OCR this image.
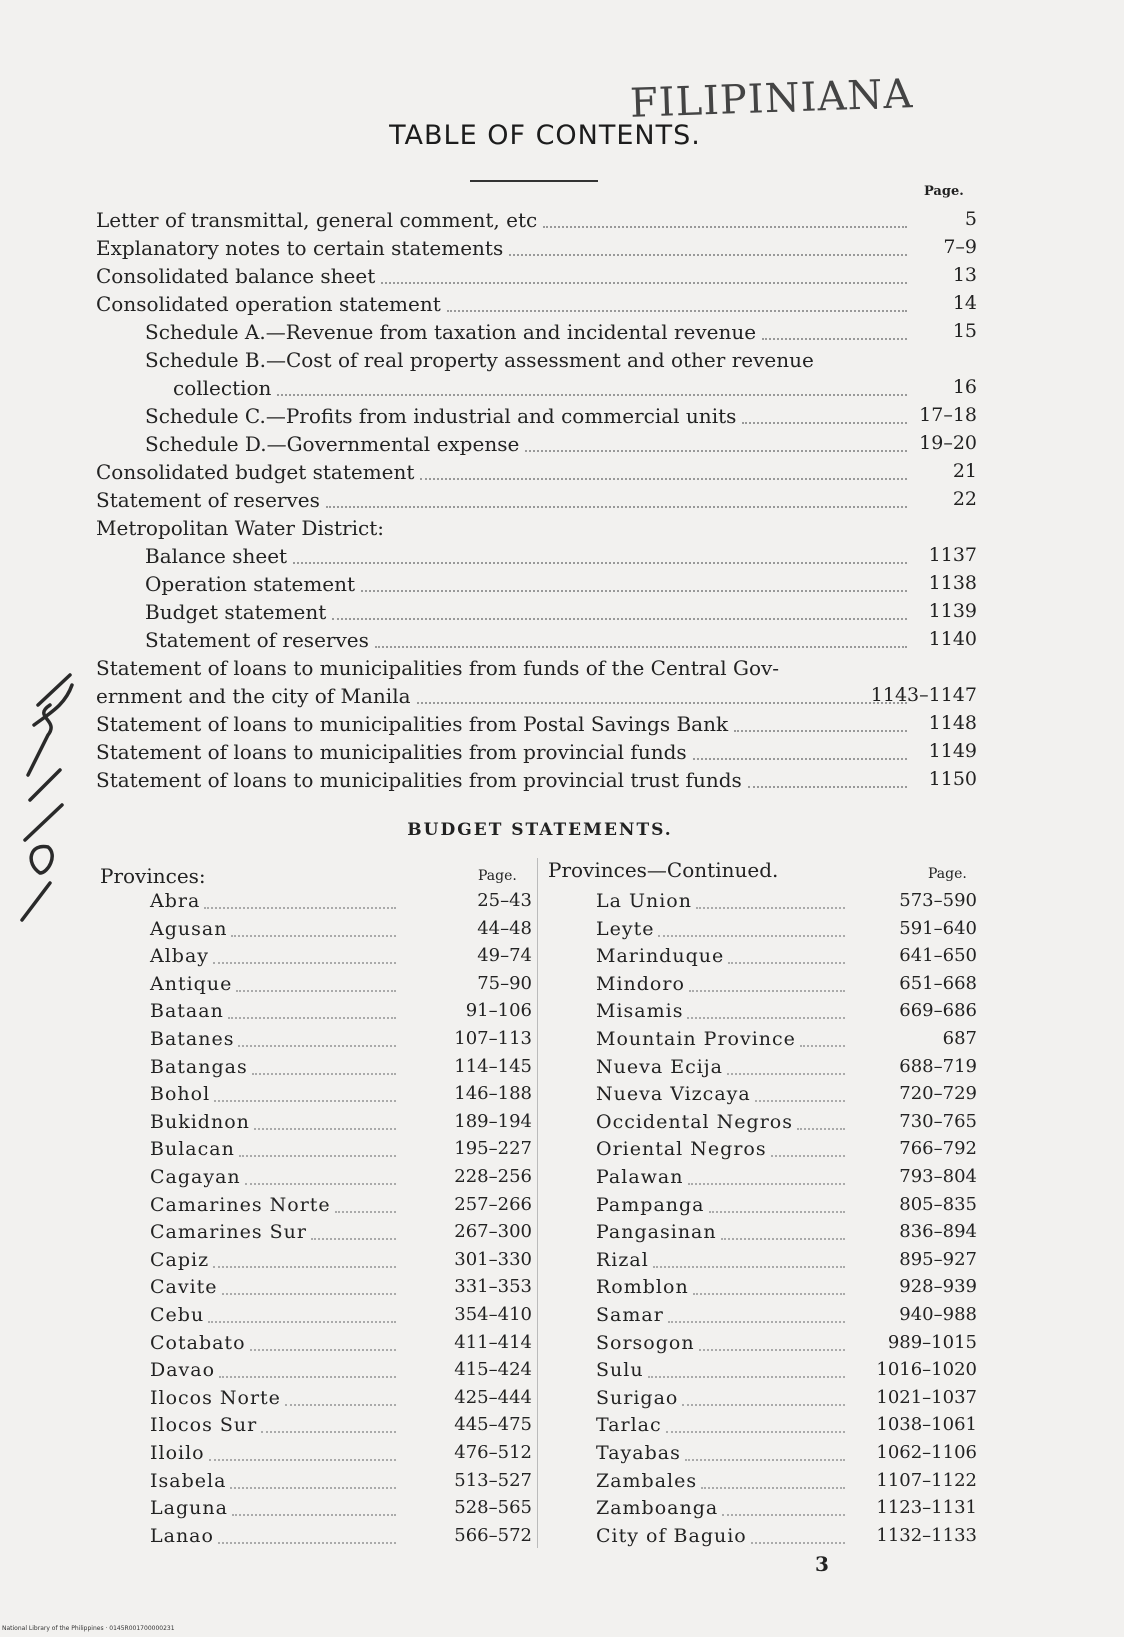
FILIPINIANA
TABLE OF CONTENTS.
Page.
Letter of transmittal, general comment, etc	5
Explanatory notes to certain statements	7–9
Consolidated balance sheet	13
Consolidated operation statement	14
Schedule A.—Revenue from taxation and incidental revenue	15
Schedule B.—Cost of real property assessment and other revenue
collection	16
Schedule C.—Profits from industrial and commercial units	17–18
Schedule D.—Governmental expense	19–20
Consolidated budget statement	21
Statement of reserves	22
Metropolitan Water District:
Balance sheet	1137
Operation statement	1138
Budget statement	1139
Statement of reserves	1140
Statement of loans to municipalities from funds of the Central Gov-
ernment and the city of Manila	1143–1147
Statement of loans to municipalities from Postal Savings Bank	1148
Statement of loans to municipalities from provincial funds	1149
Statement of loans to municipalities from provincial trust funds	1150
BUDGET STATEMENTS.
Provinces:	Page. Provinces—Continued.	Page.
Abra	25–43
Agusan	44–48
Albay	49–74
Antique	75–90
Bataan	91–106
Batanes	107–113
Batangas	114–145
Bohol	146–188
Bukidnon	189–194
Bulacan	195–227
Cagayan	228–256
Camarines Norte	257–266
Camarines Sur	267–300
Capiz	301–330
Cavite	331–353
Cebu	354–410
Cotabato	411–414
Davao	415–424
Ilocos Norte	425–444
Ilocos Sur	445–475
Iloilo	476–512
Isabela	513–527
Laguna	528–565
Lanao	566–572
La Union	573–590
Leyte	591–640
Marinduque	641–650
Mindoro	651–668
Misamis	669–686
Mountain Province	687
Nueva Ecija	688–719
Nueva Vizcaya	720–729
Occidental Negros	730–765
Oriental Negros	766–792
Palawan	793–804
Pampanga	805–835
Pangasinan	836–894
Rizal	895–927
Romblon	928–939
Samar	940–988
Sorsogon	989–1015
Sulu	1016–1020
Surigao	1021–1037
Tarlac	1038–1061
Tayabas	1062–1106
Zambales	1107–1122
Zamboanga	1123–1131
City of Baguio	1132–1133
3
National Library of the Philippines · 0145R001700000231
